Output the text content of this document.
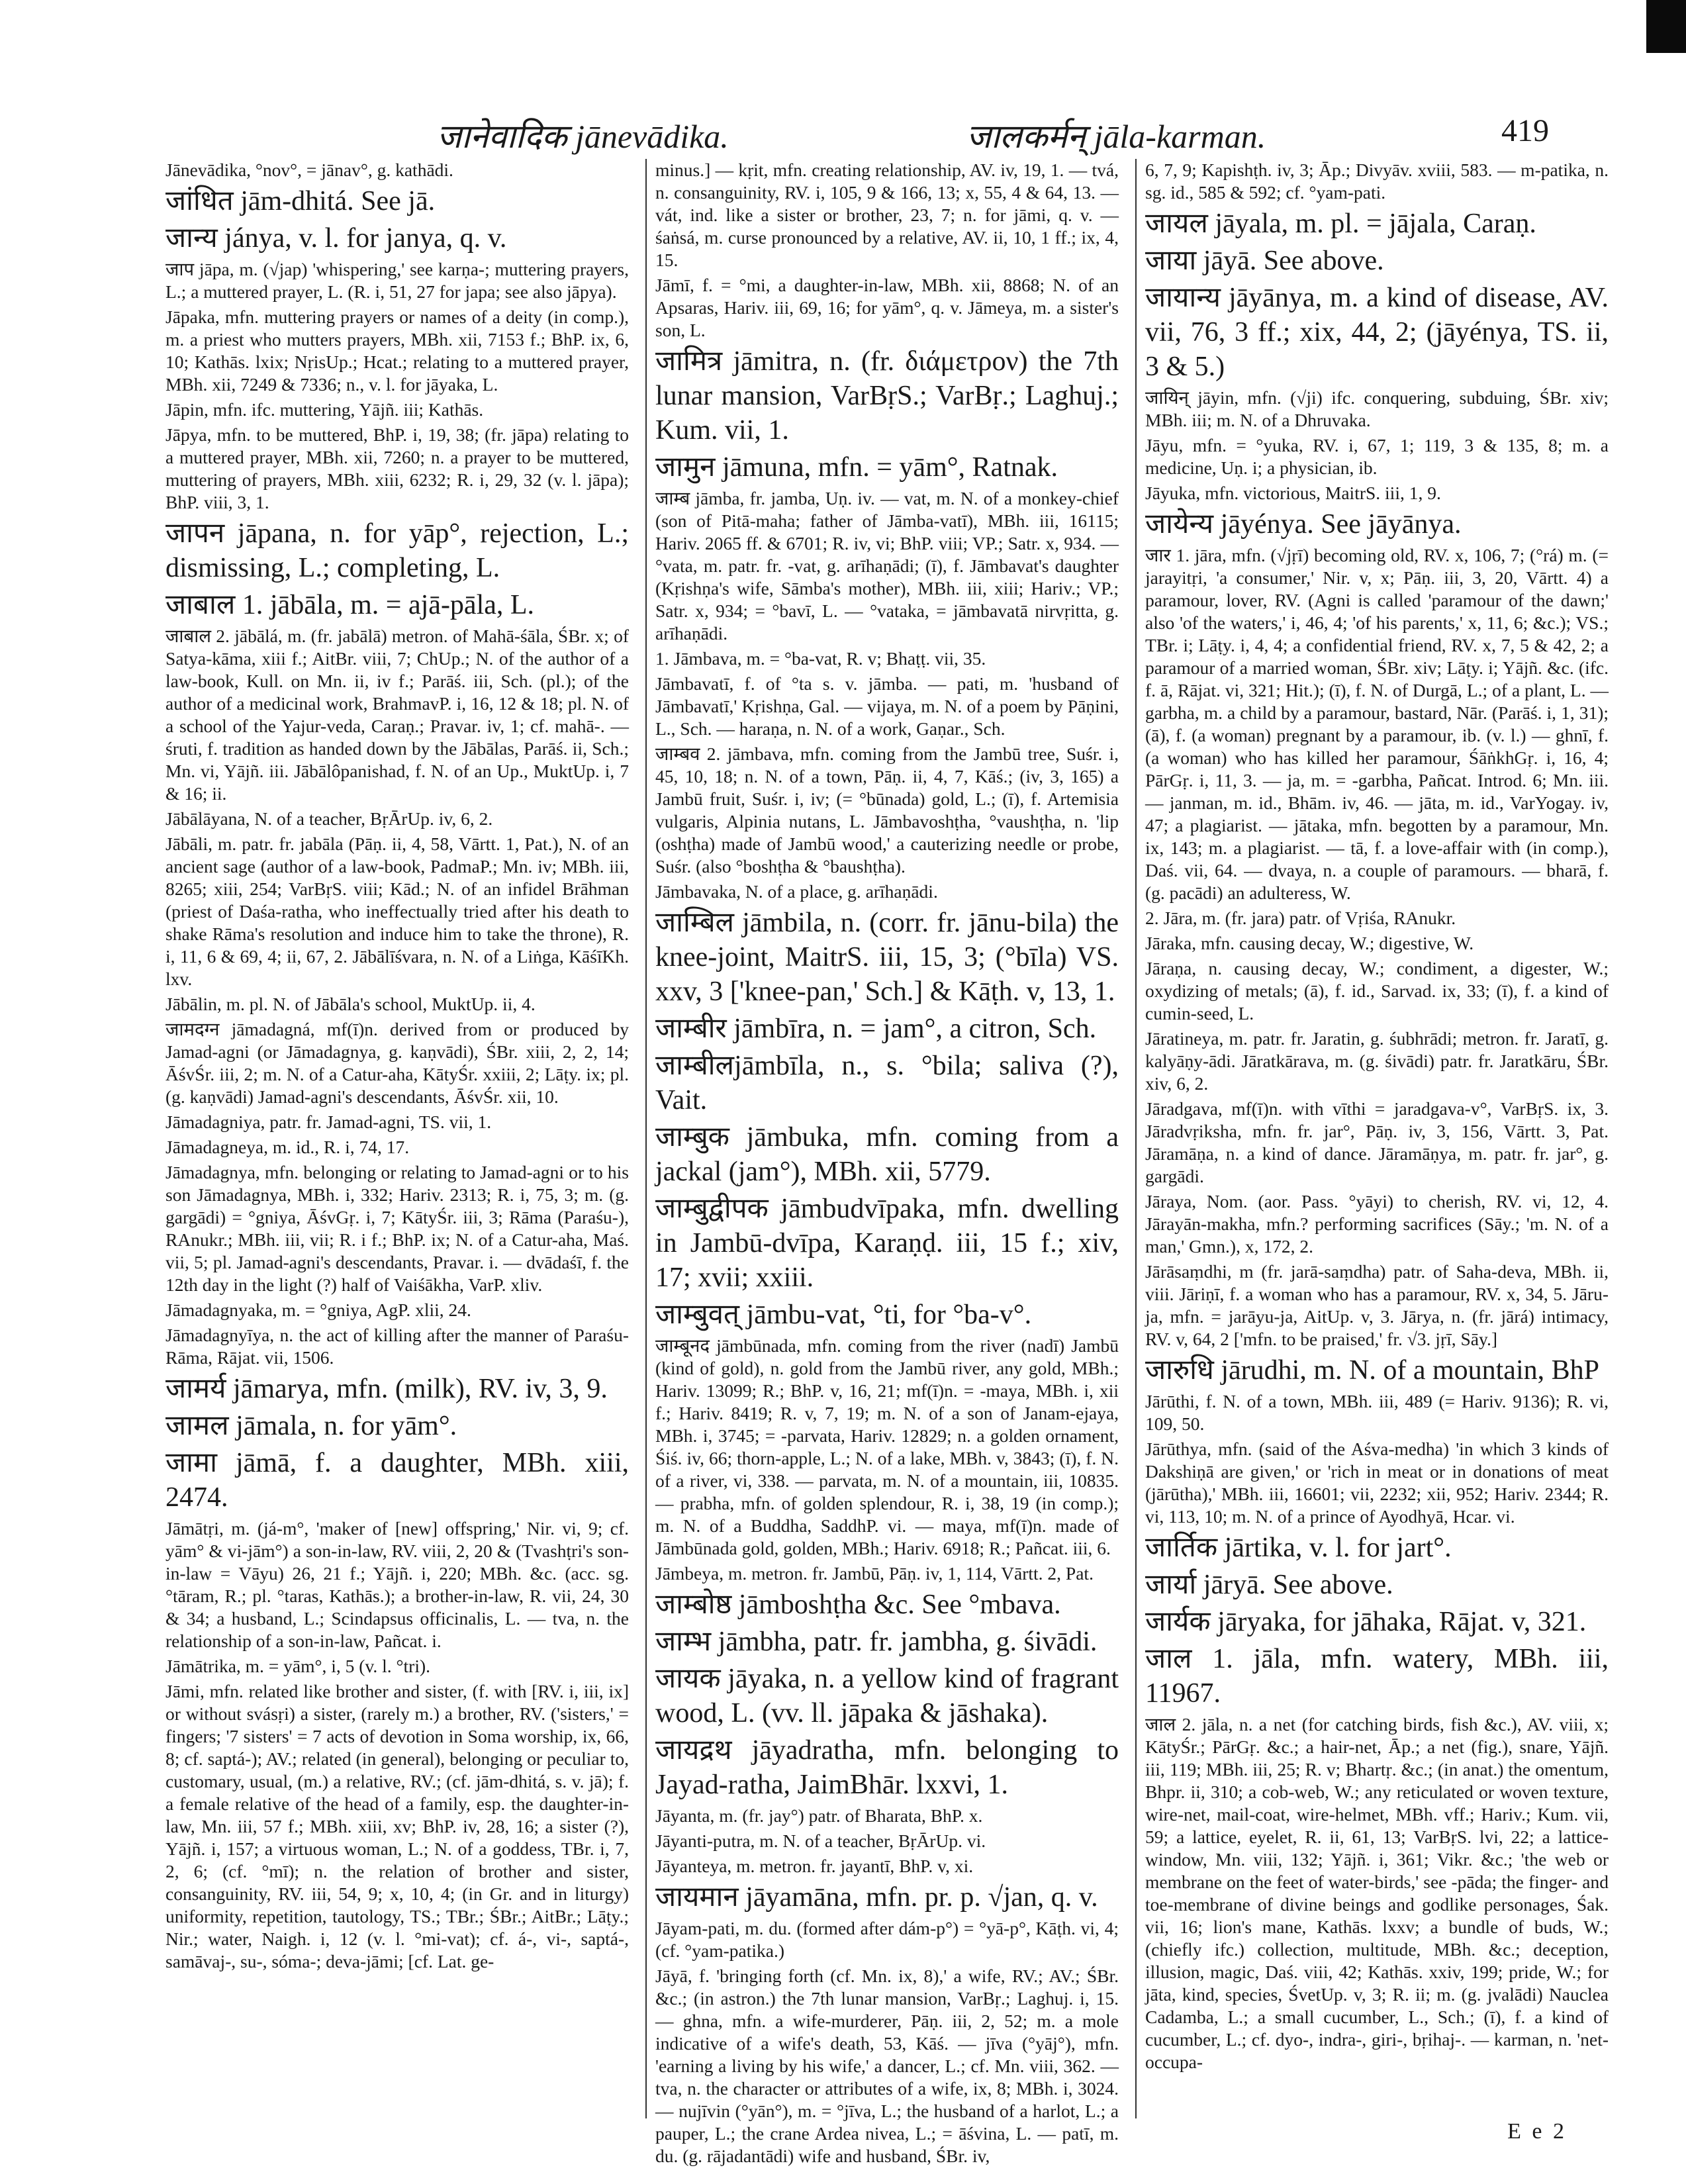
जानेवादिक jānevādika.	जालकर्मन् jāla-karman.	419

Jānevādika, °nov°, = jānav°, g. kathādi.

जांधित jām-dhitá. See jā.

जान्य jánya, v. l. for janya, q. v.

जाप jāpa, m. (√jap) 'whispering,' see karṇa-; muttering prayers, L.; a muttered prayer, L. (R. i, 51, 27 for japa; see also jāpya).

Jāpaka, mfn. muttering prayers or names of a deity (in comp.), m. a priest who mutters prayers, MBh. xii, 7153 f.; BhP. ix, 6, 10; Kathās. lxix; NṛisUp.; Hcat.; relating to a muttered prayer, MBh. xii, 7249 & 7336; n., v. l. for jāyaka, L.

Jāpin, mfn. ifc. muttering, Yājñ. iii; Kathās.

Jāpya, mfn. to be muttered, BhP. i, 19, 38; (fr. jāpa) relating to a muttered prayer, MBh. xii, 7260; n. a prayer to be muttered, muttering of prayers, MBh. xiii, 6232; R. i, 29, 32 (v. l. jāpa); BhP. viii, 3, 1.

जापन jāpana, n. for yāp°, rejection, L.; dismissing, L.; completing, L.

जाबाल 1. jābāla, m. = ajā-pāla, L.

जाबाल 2. jābālá, m. (fr. jabālā) metron. of Mahā-śāla, ŚBr. x; of Satya-kāma, xiii f.; AitBr. viii, 7; ChUp.; N. of the author of a law-book, Kull. on Mn. ii, iv f.; Parāś. iii, Sch. (pl.); of the author of a medicinal work, BrahmavP. i, 16, 12 & 18; pl. N. of a school of the Yajur-veda, Caraṇ.; Pravar. iv, 1; cf. mahā-. — śruti, f. tradition as handed down by the Jābālas, Parāś. ii, Sch.; Mn. vi, Yājñ. iii. Jābālôpanishad, f. N. of an Up., MuktUp. i, 7 & 16; ii.

Jābālāyana, N. of a teacher, BṛĀrUp. iv, 6, 2.

Jābāli, m. patr. fr. jabāla (Pāṇ. ii, 4, 58, Vārtt. 1, Pat.), N. of an ancient sage (author of a law-book, PadmaP.; Mn. iv; MBh. iii, 8265; xiii, 254; VarBṛS. viii; Kād.; N. of an infidel Brāhman (priest of Daśa-ratha, who ineffectually tried after his death to shake Rāma's resolution and induce him to take the throne), R. i, 11, 6 & 69, 4; ii, 67, 2. Jābālīśvara, n. N. of a Liṅga, KāśīKh. lxv.

Jābālin, m. pl. N. of Jābāla's school, MuktUp. ii, 4.

जामदग्न jāmadagná, mf(ī)n. derived from or produced by Jamad-agni (or Jāmadagnya, g. kaṇvādi), ŚBr. xiii, 2, 2, 14; ĀśvŚr. iii, 2; m. N. of a Catur-aha, KātyŚr. xxiii, 2; Lāṭy. ix; pl. (g. kaṇvādi) Jamad-agni's descendants, ĀśvŚr. xii, 10.

Jāmadagniya, patr. fr. Jamad-agni, TS. vii, 1.

Jāmadagneya, m. id., R. i, 74, 17.

Jāmadagnya, mfn. belonging or relating to Jamad-agni or to his son Jāmadagnya, MBh. i, 332; Hariv. 2313; R. i, 75, 3; m. (g. gargādi) = °gniya, ĀśvGṛ. i, 7; KātyŚr. iii, 3; Rāma (Paraśu-), RAnukr.; MBh. iii, vii; R. i f.; BhP. ix; N. of a Catur-aha, Maś. vii, 5; pl. Jamad-agni's descendants, Pravar. i. — dvādaśī, f. the 12th day in the light (?) half of Vaiśākha, VarP. xliv.

Jāmadagnyaka, m. = °gniya, AgP. xlii, 24.

Jāmadagnyīya, n. the act of killing after the manner of Paraśu-Rāma, Rājat. vii, 1506.

जामर्य jāmarya, mfn. (milk), RV. iv, 3, 9.

जामल jāmala, n. for yām°.

जामा jāmā, f. a daughter, MBh. xiii, 2474.

Jāmātṛi, m. (já-m°, 'maker of [new] offspring,' Nir. vi, 9; cf. yām° & vi-jām°) a son-in-law, RV. viii, 2, 20 & (Tvashṭri's son-in-law = Vāyu) 26, 21 f.; Yājñ. i, 220; MBh. &c. (acc. sg. °tāram, R.; pl. °taras, Kathās.); a brother-in-law, R. vii, 24, 30 & 34; a husband, L.; Scindapsus officinalis, L. — tva, n. the relationship of a son-in-law, Pañcat. i.

Jāmātrika, m. = yām°, i, 5 (v. l. °tri).

Jāmi, mfn. related like brother and sister, (f. with [RV. i, iii, ix] or without svásṛi) a sister, (rarely m.) a brother, RV. ('sisters,' = fingers; '7 sisters' = 7 acts of devotion in Soma worship, ix, 66, 8; cf. saptá-); AV.; related (in general), belonging or peculiar to, customary, usual, (m.) a relative, RV.; (cf. jām-dhitá, s. v. jā); f. a female relative of the head of a family, esp. the daughter-in-law, Mn. iii, 57 f.; MBh. xiii, xv; BhP. iv, 28, 16; a sister (?), Yājñ. i, 157; a virtuous woman, L.; N. of a goddess, TBr. i, 7, 2, 6; (cf. °mī); n. the relation of brother and sister, consanguinity, RV. iii, 54, 9; x, 10, 4; (in Gr. and in liturgy) uniformity, repetition, tautology, TS.; TBr.; ŚBr.; AitBr.; Lāṭy.; Nir.; water, Naigh. i, 12 (v. l. °mi-vat); cf. á-, vi-, saptá-, samāvaj-, su-, sóma-; deva-jāmi; [cf. Lat. ge-

minus.] — kṛit, mfn. creating relationship, AV. iv, 19, 1. — tvá, n. consanguinity, RV. i, 105, 9 & 166, 13; x, 55, 4 & 64, 13. — vát, ind. like a sister or brother, 23, 7; n. for jāmi, q. v. — śaṅsá, m. curse pronounced by a relative, AV. ii, 10, 1 ff.; ix, 4, 15.

Jāmī, f. = °mi, a daughter-in-law, MBh. xii, 8868; N. of an Apsaras, Hariv. iii, 69, 16; for yām°, q. v. Jāmeya, m. a sister's son, L.

जामित्र jāmitra, n. (fr. διάμετρον) the 7th lunar mansion, VarBṛS.; VarBṛ.; Laghuj.; Kum. vii, 1.

जामुन jāmuna, mfn. = yām°, Ratnak.

जाम्ब jāmba, fr. jamba, Uṇ. iv. — vat, m. N. of a monkey-chief (son of Pitā-maha; father of Jāmba-vatī), MBh. iii, 16115; Hariv. 2065 ff. & 6701; R. iv, vi; BhP. viii; VP.; Satr. x, 934. — °vata, m. patr. fr. -vat, g. arīhaṇādi; (ī), f. Jāmbavat's daughter (Kṛishṇa's wife, Sāmba's mother), MBh. iii, xiii; Hariv.; VP.; Satr. x, 934; = °bavī, L. — °vataka, = jāmbavatā nirvṛitta, g. arīhaṇādi.

1. Jāmbava, m. = °ba-vat, R. v; Bhaṭṭ. vii, 35.

Jāmbavatī, f. of °ta s. v. jāmba. — pati, m. 'husband of Jāmbavatī,' Kṛishṇa, Gal. — vijaya, m. N. of a poem by Pāṇini, L., Sch. — haraṇa, n. N. of a work, Gaṇar., Sch.

जाम्बव 2. jāmbava, mfn. coming from the Jambū tree, Suśr. i, 45, 10, 18; n. N. of a town, Pāṇ. ii, 4, 7, Kāś.; (iv, 3, 165) a Jambū fruit, Suśr. i, iv; (= °būnada) gold, L.; (ī), f. Artemisia vulgaris, Alpinia nutans, L. Jāmbavoshṭha, °vaushṭha, n. 'lip (oshṭha) made of Jambū wood,' a cauterizing needle or probe, Suśr. (also °boshṭha & °baushṭha).

Jāmbavaka, N. of a place, g. arīhaṇādi.

जाम्बिल jāmbila, n. (corr. fr. jānu-bila) the knee-joint, MaitrS. iii, 15, 3; (°bīla) VS. xxv, 3 ['knee-pan,' Sch.] & Kāṭh. v, 13, 1.

जाम्बीर jāmbīra, n. = jam°, a citron, Sch.

जाम्बीलjāmbīla, n., s. °bila; saliva (?), Vait.

जाम्बुक jāmbuka, mfn. coming from a jackal (jam°), MBh. xii, 5779.

जाम्बुद्वीपक jāmbudvīpaka, mfn. dwelling in Jambū-dvīpa, Karaṇḍ. iii, 15 f.; xiv, 17; xvii; xxiii.

जाम्बुवत् jāmbu-vat, °ti, for °ba-v°.

जाम्बूनद jāmbūnada, mfn. coming from the river (nadī) Jambū (kind of gold), n. gold from the Jambū river, any gold, MBh.; Hariv. 13099; R.; BhP. v, 16, 21; mf(ī)n. = -maya, MBh. i, xii f.; Hariv. 8419; R. v, 7, 19; m. N. of a son of Janam-ejaya, MBh. i, 3745; = -parvata, Hariv. 12829; n. a golden ornament, Śiś. iv, 66; thorn-apple, L.; N. of a lake, MBh. v, 3843; (ī), f. N. of a river, vi, 338. — parvata, m. N. of a mountain, iii, 10835. — prabha, mfn. of golden splendour, R. i, 38, 19 (in comp.); m. N. of a Buddha, SaddhP. vi. — maya, mf(ī)n. made of Jāmbūnada gold, golden, MBh.; Hariv. 6918; R.; Pañcat. iii, 6.

Jāmbeya, m. metron. fr. Jambū, Pāṇ. iv, 1, 114, Vārtt. 2, Pat.

जाम्बोष्ठ jāmboshṭha &c. See °mbava.

जाम्भ jāmbha, patr. fr. jambha, g. śivādi.

जायक jāyaka, n. a yellow kind of fragrant wood, L. (vv. ll. jāpaka & jāshaka).

जायद्रथ jāyadratha, mfn. belonging to Jayad-ratha, JaimBhār. lxxvi, 1.

Jāyanta, m. (fr. jay°) patr. of Bharata, BhP. x.

Jāyanti-putra, m. N. of a teacher, BṛĀrUp. vi.

Jāyanteya, m. metron. fr. jayantī, BhP. v, xi.

जायमान jāyamāna, mfn. pr. p. √jan, q. v.

Jāyam-pati, m. du. (formed after dám-p°) = °yā-p°, Kāṭh. vi, 4; (cf. °yam-patika.)

Jāyā, f. 'bringing forth (cf. Mn. ix, 8),' a wife, RV.; AV.; ŚBr. &c.; (in astron.) the 7th lunar mansion, VarBṛ.; Laghuj. i, 15. — ghna, mfn. a wife-murderer, Pāṇ. iii, 2, 52; m. a mole indicative of a wife's death, 53, Kāś. — jīva (°yāj°), mfn. 'earning a living by his wife,' a dancer, L.; cf. Mn. viii, 362. — tva, n. the character or attributes of a wife, ix, 8; MBh. i, 3024. — nujīvin (°yān°), m. = °jīva, L.; the husband of a harlot, L.; a pauper, L.; the crane Ardea nivea, L.; = āśvina, L. — patī, m. du. (g. rājadantādi) wife and husband, ŚBr. iv,

6, 7, 9; Kapishṭh. iv, 3; Āp.; Divyāv. xviii, 583. — m-patika, n. sg. id., 585 & 592; cf. °yam-pati.

जायल jāyala, m. pl. = jājala, Caraṇ.

जाया jāyā. See above.

जायान्य jāyānya, m. a kind of disease, AV. vii, 76, 3 ff.; xix, 44, 2; (jāyénya, TS. ii, 3 & 5.)

जायिन् jāyin, mfn. (√ji) ifc. conquering, subduing, ŚBr. xiv; MBh. iii; m. N. of a Dhruvaka.

Jāyu, mfn. = °yuka, RV. i, 67, 1; 119, 3 & 135, 8; m. a medicine, Uṇ. i; a physician, ib.

Jāyuka, mfn. victorious, MaitrS. iii, 1, 9.

जायेन्य jāyénya. See jāyānya.

जार 1. jāra, mfn. (√jṛī) becoming old, RV. x, 106, 7; (°rá) m. (= jarayitṛi, 'a consumer,' Nir. v, x; Pāṇ. iii, 3, 20, Vārtt. 4) a paramour, lover, RV. (Agni is called 'paramour of the dawn;' also 'of the waters,' i, 46, 4; 'of his parents,' x, 11, 6; &c.); VS.; TBr. i; Lāṭy. i, 4, 4; a confidential friend, RV. x, 7, 5 & 42, 2; a paramour of a married woman, ŚBr. xiv; Lāṭy. i; Yājñ. &c. (ifc. f. ā, Rājat. vi, 321; Hit.); (ī), f. N. of Durgā, L.; of a plant, L. — garbha, m. a child by a paramour, bastard, Nār. (Parāś. i, 1, 31); (ā), f. (a woman) pregnant by a paramour, ib. (v. l.) — ghnī, f. (a woman) who has killed her paramour, ŚāṅkhGṛ. i, 16, 4; PārGṛ. i, 11, 3. — ja, m. = -garbha, Pañcat. Introd. 6; Mn. iii. — janman, m. id., Bhām. iv, 46. — jāta, m. id., VarYogay. iv, 47; a plagiarist. — jātaka, mfn. begotten by a paramour, Mn. ix, 143; m. a plagiarist. — tā, f. a love-affair with (in comp.), Daś. vii, 64. — dvaya, n. a couple of paramours. — bharā, f. (g. pacādi) an adulteress, W.

2. Jāra, m. (fr. jara) patr. of Vṛiśa, RAnukr.

Jāraka, mfn. causing decay, W.; digestive, W.

Jāraṇa, n. causing decay, W.; condiment, a digester, W.; oxydizing of metals; (ā), f. id., Sarvad. ix, 33; (ī), f. a kind of cumin-seed, L.

Jāratineya, m. patr. fr. Jaratin, g. śubhrādi; metron. fr. Jaratī, g. kalyāṇy-ādi. Jāratkārava, m. (g. śivādi) patr. fr. Jaratkāru, ŚBr. xiv, 6, 2.

Jāradgava, mf(ī)n. with vīthi = jaradgava-v°, VarBṛS. ix, 3. Jāradvṛiksha, mfn. fr. jar°, Pāṇ. iv, 3, 156, Vārtt. 3, Pat. Jāramāṇa, n. a kind of dance. Jāramāṇya, m. patr. fr. jar°, g. gargādi.

Jāraya, Nom. (aor. Pass. °yāyi) to cherish, RV. vi, 12, 4. Jārayān-makha, mfn.? performing sacrifices (Sāy.; 'm. N. of a man,' Gmn.), x, 172, 2.

Jārāsaṃdhi, m (fr. jarā-saṃdha) patr. of Saha-deva, MBh. ii, viii. Jāriṇī, f. a woman who has a paramour, RV. x, 34, 5. Jāru-ja, mfn. = jarāyu-ja, AitUp. v, 3. Jārya, n. (fr. jārá) intimacy, RV. v, 64, 2 ['mfn. to be praised,' fr. √3. jṛī, Sāy.]

जारुधि jārudhi, m. N. of a mountain, BhP

Jārūthi, f. N. of a town, MBh. iii, 489 (= Hariv. 9136); R. vi, 109, 50.

Jārūthya, mfn. (said of the Aśva-medha) 'in which 3 kinds of Dakshiṇā are given,' or 'rich in meat or in donations of meat (jārūtha),' MBh. iii, 16601; vii, 2232; xii, 952; Hariv. 2344; R. vi, 113, 10; m. N. of a prince of Ayodhyā, Hcar. vi.

जार्तिक jārtika, v. l. for jart°.

जार्या jāryā. See above.

जार्यक jāryaka, for jāhaka, Rājat. v, 321.

जाल 1. jāla, mfn. watery, MBh. iii, 11967.

जाल 2. jāla, n. a net (for catching birds, fish &c.), AV. viii, x; KātyŚr.; PārGṛ. &c.; a hair-net, Āp.; a net (fig.), snare, Yājñ. iii, 119; MBh. iii, 25; R. v; Bhartṛ. &c.; (in anat.) the omentum, Bhpr. ii, 310; a cob-web, W.; any reticulated or woven texture, wire-net, mail-coat, wire-helmet, MBh. vff.; Hariv.; Kum. vii, 59; a lattice, eyelet, R. ii, 61, 13; VarBṛS. lvi, 22; a lattice-window, Mn. viii, 132; Yājñ. i, 361; Vikr. &c.; 'the web or membrane on the feet of water-birds,' see -pāda; the finger- and toe-membrane of divine beings and godlike personages, Śak. vii, 16; lion's mane, Kathās. lxxv; a bundle of buds, W.; (chiefly ifc.) collection, multitude, MBh. &c.; deception, illusion, magic, Daś. viii, 42; Kathās. xxiv, 199; pride, W.; for jāta, kind, species, ŚvetUp. v, 3; R. ii; m. (g. jvalādi) Nauclea Cadamba, L.; a small cucumber, L., Sch.; (ī), f. a kind of cucumber, L.; cf. dyo-, indra-, giri-, bṛihaj-. — karman, n. 'net-occupa-

E e 2
